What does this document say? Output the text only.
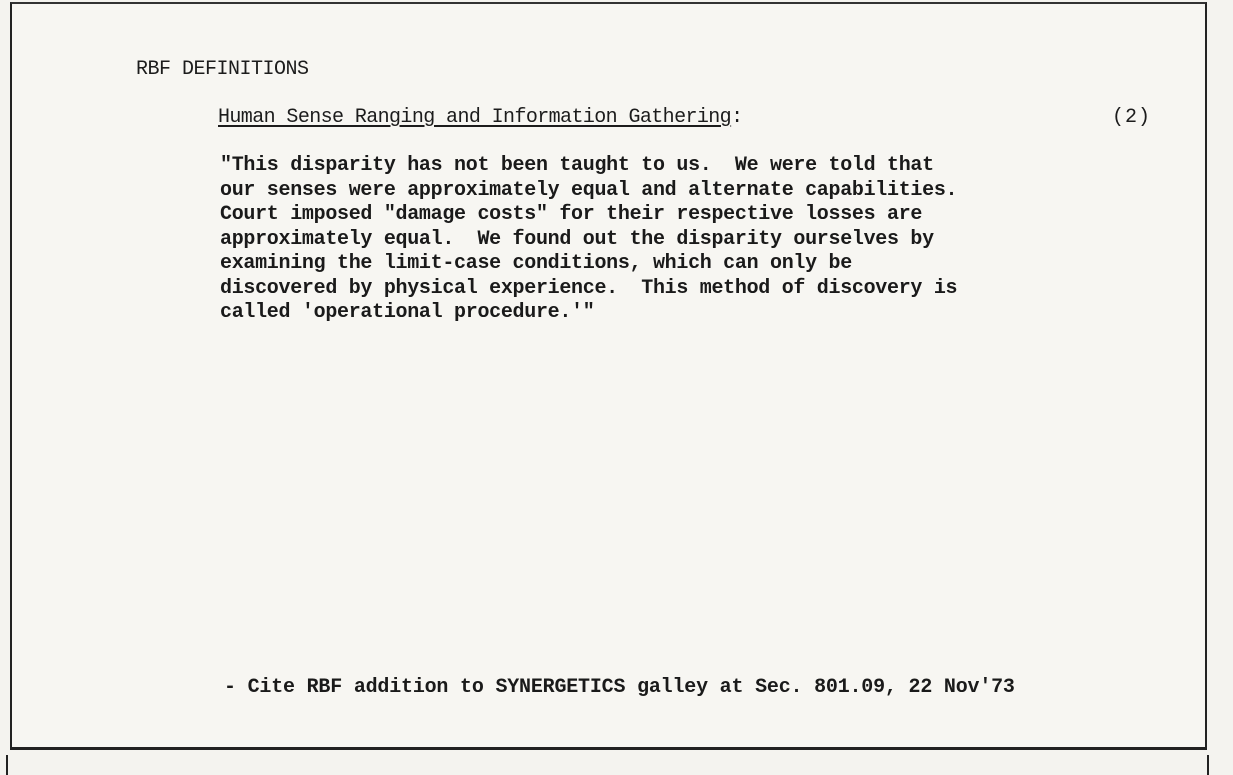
RBF DEFINITIONS
Human Sense Ranging and Information Gathering:	(2)
"This disparity has not been taught to us.  We were told that
our senses were approximately equal and alternate capabilities.
Court imposed "damage costs" for their respective losses are
approximately equal.  We found out the disparity ourselves by
examining the limit-case conditions, which can only be
discovered by physical experience.  This method of discovery is
called 'operational procedure.'"
- Cite RBF addition to SYNERGETICS galley at Sec. 801.09, 22 Nov'73
